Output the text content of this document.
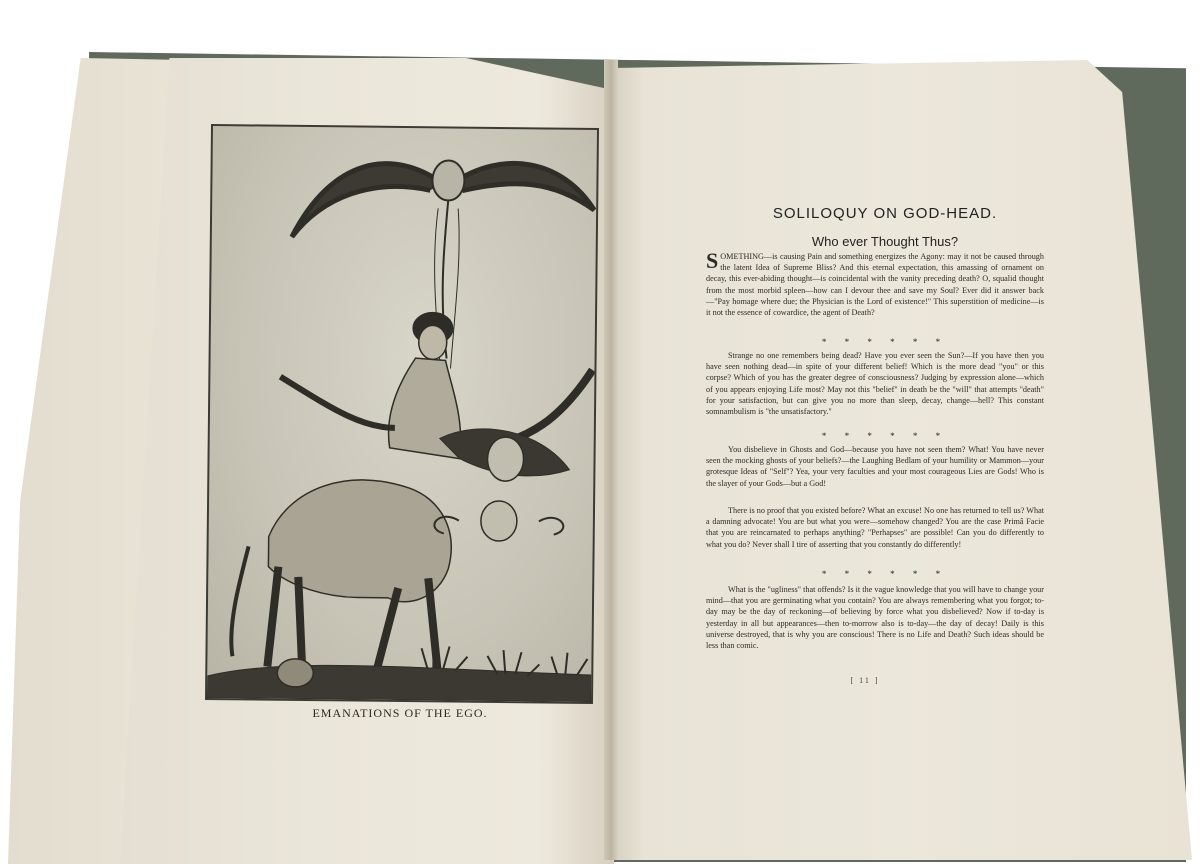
EMANATIONS OF THE EGO.
SOLILOQUY ON GOD-HEAD.
Who ever Thought Thus?

SOMETHING—is causing Pain and something energizes the Agony: may it not be caused through the latent Idea of Supreme Bliss? And this eternal expectation, this amassing of ornament on decay, this ever-abiding thought—is coincidental with the vanity preceding death? O, squalid thought from the most morbid spleen—how can I devour thee and save my Soul? Ever did it answer back—"Pay homage where due; the Physician is the Lord of existence!" This superstition of medicine—is it not the essence of cowardice, the agent of Death?

* * * * * *

Strange no one remembers being dead? Have you ever seen the Sun?—If you have then you have seen nothing dead—in spite of your different belief! Which is the more dead "you" or this corpse? Which of you has the greater degree of consciousness? Judging by expression alone—which of you appears enjoying Life most? May not this "belief" in death be the "will" that attempts "death" for your satisfaction, but can give you no more than sleep, decay, change—hell? This constant somnambulism is "the unsatisfactory."

* * * * * *

You disbelieve in Ghosts and God—because you have not seen them? What! You have never seen the mocking ghosts of your beliefs?—the Laughing Bedlam of your humility or Mammon—your grotesque Ideas of "Self"? Yea, your very faculties and your most courageous Lies are Gods! Who is the slayer of your Gods—but a God!

There is no proof that you existed before? What an excuse! No one has returned to tell us? What a damning advocate! You are but what you were—somehow changed? You are the case Primâ Facie that you are reincarnated to perhaps anything? "Perhapses" are possible! Can you do differently to what you do? Never shall I tire of asserting that you constantly do differently!

* * * * * *

What is the "ugliness" that offends? Is it the vague knowledge that you will have to change your mind—that you are germinating what you contain? You are always remembering what you forgot; to-day may be the day of reckoning—of believing by force what you disbelieved? Now if to-day is yesterday in all but appearances—then to-morrow also is to-day—the day of decay! Daily is this universe destroyed, that is why you are conscious! There is no Life and Death? Such ideas should be less than comic.

[ 11 ]
